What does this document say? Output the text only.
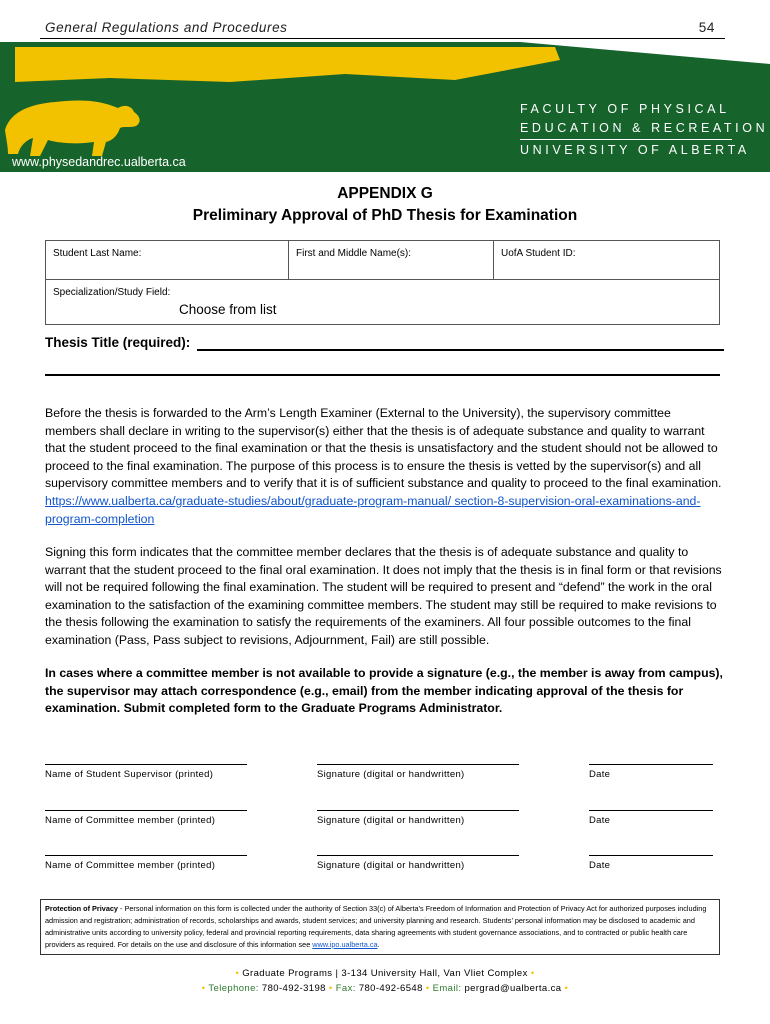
General Regulations and Procedures	54
FACULTY OF PHYSICAL
EDUCATION & RECREATION
UNIVERSITY OF ALBERTA
www.physedandrec.ualberta.ca
APPENDIX G
Preliminary Approval of PhD Thesis for Examination
Student Last Name:	First and Middle Name(s):	UofA Student ID:

Specialization/Study Field:
Choose from list
Thesis Title (required):
Before the thesis is forwarded to the Arm’s Length Examiner (External to the University), the supervisory committee members shall declare in writing to the supervisor(s) either that the thesis is of adequate substance and quality to warrant that the student proceed to the final examination or that the thesis is unsatisfactory and the student should not be allowed to proceed to the final examination. The purpose of this process is to ensure the thesis is vetted by the supervisor(s) and all supervisory committee members and to verify that it is of sufficient substance and quality to proceed to the final examination. https://www.ualberta.ca/graduate-studies/about/graduate-program-manual/ section-8-supervision-oral-examinations-and-program-completion
Signing this form indicates that the committee member declares that the thesis is of adequate substance and quality to warrant that the student proceed to the final oral examination. It does not imply that the thesis is in final form or that revisions will not be required following the final examination. The student will be required to present and “defend” the work in the oral examination to the satisfaction of the examining committee members. The student may still be required to make revisions to the thesis following the examination to satisfy the requirements of the examiners. All four possible outcomes to the final examination (Pass, Pass subject to revisions, Adjournment, Fail) are still possible.
In cases where a committee member is not available to provide a signature (e.g., the member is away from campus), the supervisor may attach correspondence (e.g., email) from the member indicating approval of the thesis for examination. Submit completed form to the Graduate Programs Administrator.
Name of Student Supervisor (printed)	Signature (digital or handwritten)	Date
Name of Committee member (printed)	Signature (digital or handwritten)	Date
Name of Committee member (printed)	Signature (digital or handwritten)	Date
Protection of Privacy - Personal information on this form is collected under the authority of Section 33(c) of Alberta’s Freedom of Information and Protection of Privacy Act for authorized purposes including admission and registration; administration of records, scholarships and awards, student services; and university planning and research. Students’ personal information may be disclosed to academic and administrative units according to university policy, federal and provincial reporting requirements, data sharing agreements with student governance associations, and to contracted or public health care providers as required. For details on the use and disclosure of this information see www.ipo.ualberta.ca.
• Graduate Programs | 3-134 University Hall, Van Vliet Complex •
• Telephone: 780-492-3198 • Fax: 780-492-6548 • Email: pergrad@ualberta.ca •
